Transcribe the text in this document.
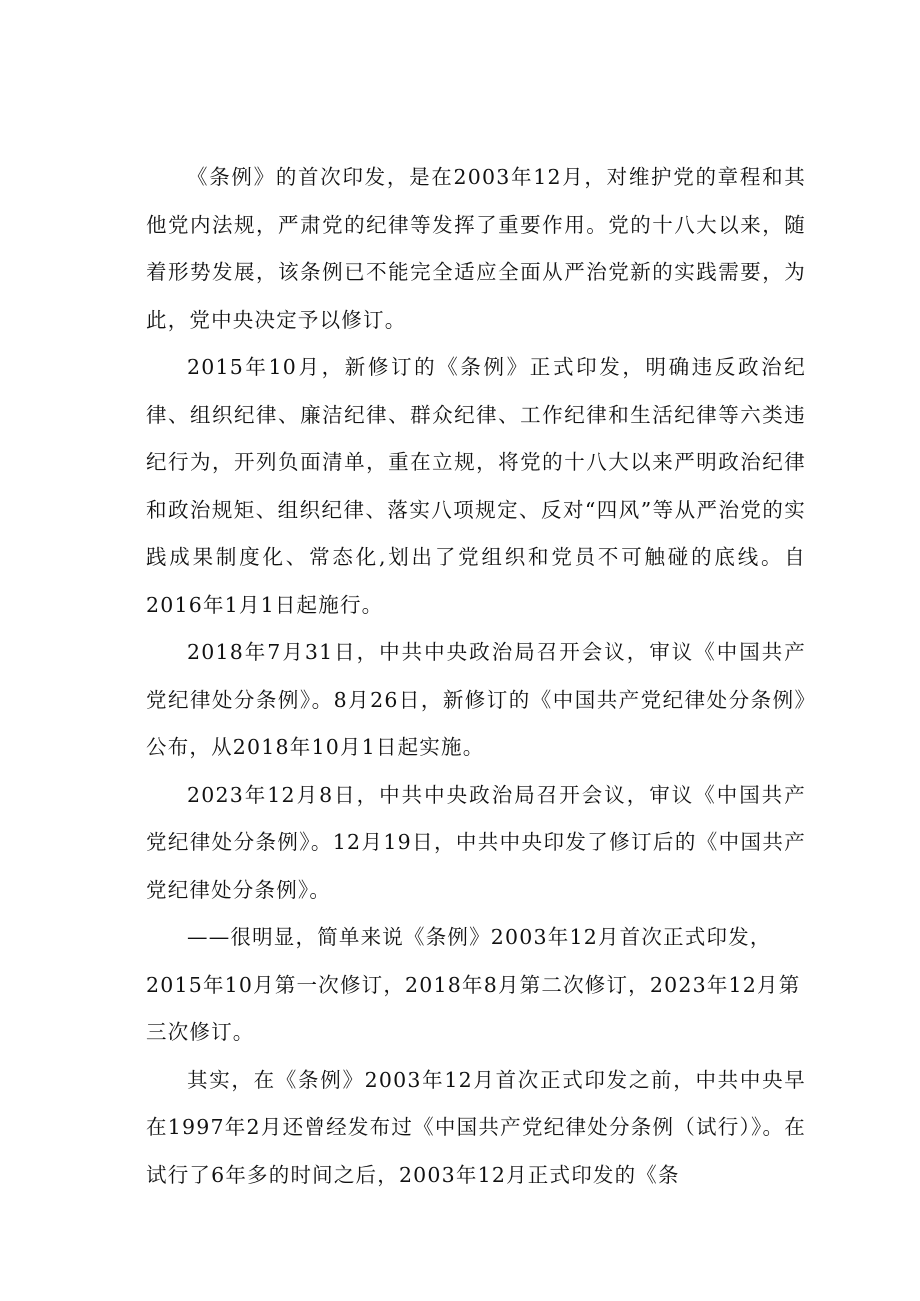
《条例》的首次印发，是在2003年12月，对维护党的章程和其他党内法规，严肃党的纪律等发挥了重要作用。党的十八大以来，随着形势发展，该条例已不能完全适应全面从严治党新的实践需要，为此，党中央决定予以修订。

2015年10月，新修订的《条例》正式印发，明确违反政治纪律、组织纪律、廉洁纪律、群众纪律、工作纪律和生活纪律等六类违纪行为，开列负面清单，重在立规，将党的十八大以来严明政治纪律和政治规矩、组织纪律、落实八项规定、反对“四风”等从严治党的实践成果制度化、常态化,划出了党组织和党员不可触碰的底线。自2016年1月1日起施行。

2018年7月31日，中共中央政治局召开会议，审议《中国共产党纪律处分条例》。8月26日，新修订的《中国共产党纪律处分条例》公布，从2018年10月1日起实施。

2023年12月8日，中共中央政治局召开会议，审议《中国共产党纪律处分条例》。12月19日，中共中央印发了修订后的《中国共产党纪律处分条例》。

——很明显，简单来说《条例》2003年12月首次正式印发，2015年10月第一次修订，2018年8月第二次修订，2023年12月第三次修订。

其实，在《条例》2003年12月首次正式印发之前，中共中央早在1997年2月还曾经发布过《中国共产党纪律处分条例（试行）》。在试行了6年多的时间之后，2003年12月正式印发的《条
